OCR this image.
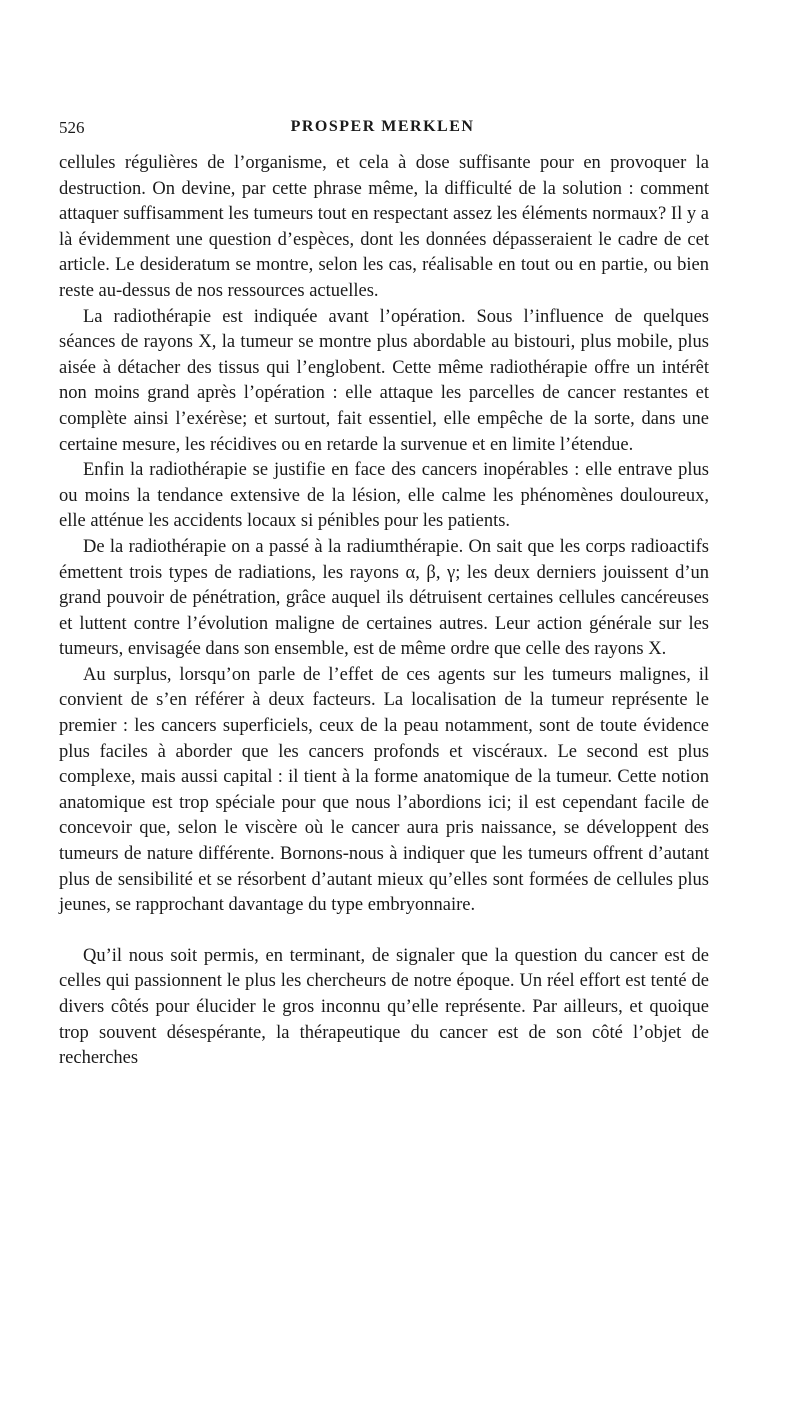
526	PROSPER MERKLEN

cellules régulières de l’organisme, et cela à dose suffisante pour en provoquer la destruction. On devine, par cette phrase même, la difficulté de la solution : comment attaquer suffisamment les tumeurs tout en respectant assez les éléments normaux? Il y a là évidemment une question d’espèces, dont les données dépasseraient le cadre de cet article. Le desideratum se montre, selon les cas, réalisable en tout ou en partie, ou bien reste au-dessus de nos ressources actuelles.

La radiothérapie est indiquée avant l’opération. Sous l’influence de quelques séances de rayons X, la tumeur se montre plus abordable au bistouri, plus mobile, plus aisée à détacher des tissus qui l’englobent. Cette même radiothérapie offre un intérêt non moins grand après l’opération : elle attaque les parcelles de cancer restantes et complète ainsi l’exérèse; et surtout, fait essentiel, elle empêche de la sorte, dans une certaine mesure, les récidives ou en retarde la survenue et en limite l’étendue.

Enfin la radiothérapie se justifie en face des cancers inopérables : elle entrave plus ou moins la tendance extensive de la lésion, elle calme les phénomènes douloureux, elle atténue les accidents locaux si pénibles pour les patients.

De la radiothérapie on a passé à la radiumthérapie. On sait que les corps radioactifs émettent trois types de radiations, les rayons α, β, γ; les deux derniers jouissent d’un grand pouvoir de pénétration, grâce auquel ils détruisent certaines cellules cancéreuses et luttent contre l’évolution maligne de certaines autres. Leur action générale sur les tumeurs, envisagée dans son ensemble, est de même ordre que celle des rayons X.

Au surplus, lorsqu’on parle de l’effet de ces agents sur les tumeurs malignes, il convient de s’en référer à deux facteurs. La localisation de la tumeur représente le premier : les cancers superficiels, ceux de la peau notamment, sont de toute évidence plus faciles à aborder que les cancers profonds et viscéraux. Le second est plus complexe, mais aussi capital : il tient à la forme anatomique de la tumeur. Cette notion anatomique est trop spéciale pour que nous l’abordions ici; il est cependant facile de concevoir que, selon le viscère où le cancer aura pris naissance, se développent des tumeurs de nature différente. Bornons-nous à indiquer que les tumeurs offrent d’autant plus de sensibilité et se résorbent d’autant mieux qu’elles sont formées de cellules plus jeunes, se rapprochant davantage du type embryonnaire.

Qu’il nous soit permis, en terminant, de signaler que la question du cancer est de celles qui passionnent le plus les chercheurs de notre époque. Un réel effort est tenté de divers côtés pour élucider le gros inconnu qu’elle représente. Par ailleurs, et quoique trop souvent désespérante, la thérapeutique du cancer est de son côté l’objet de recherches
